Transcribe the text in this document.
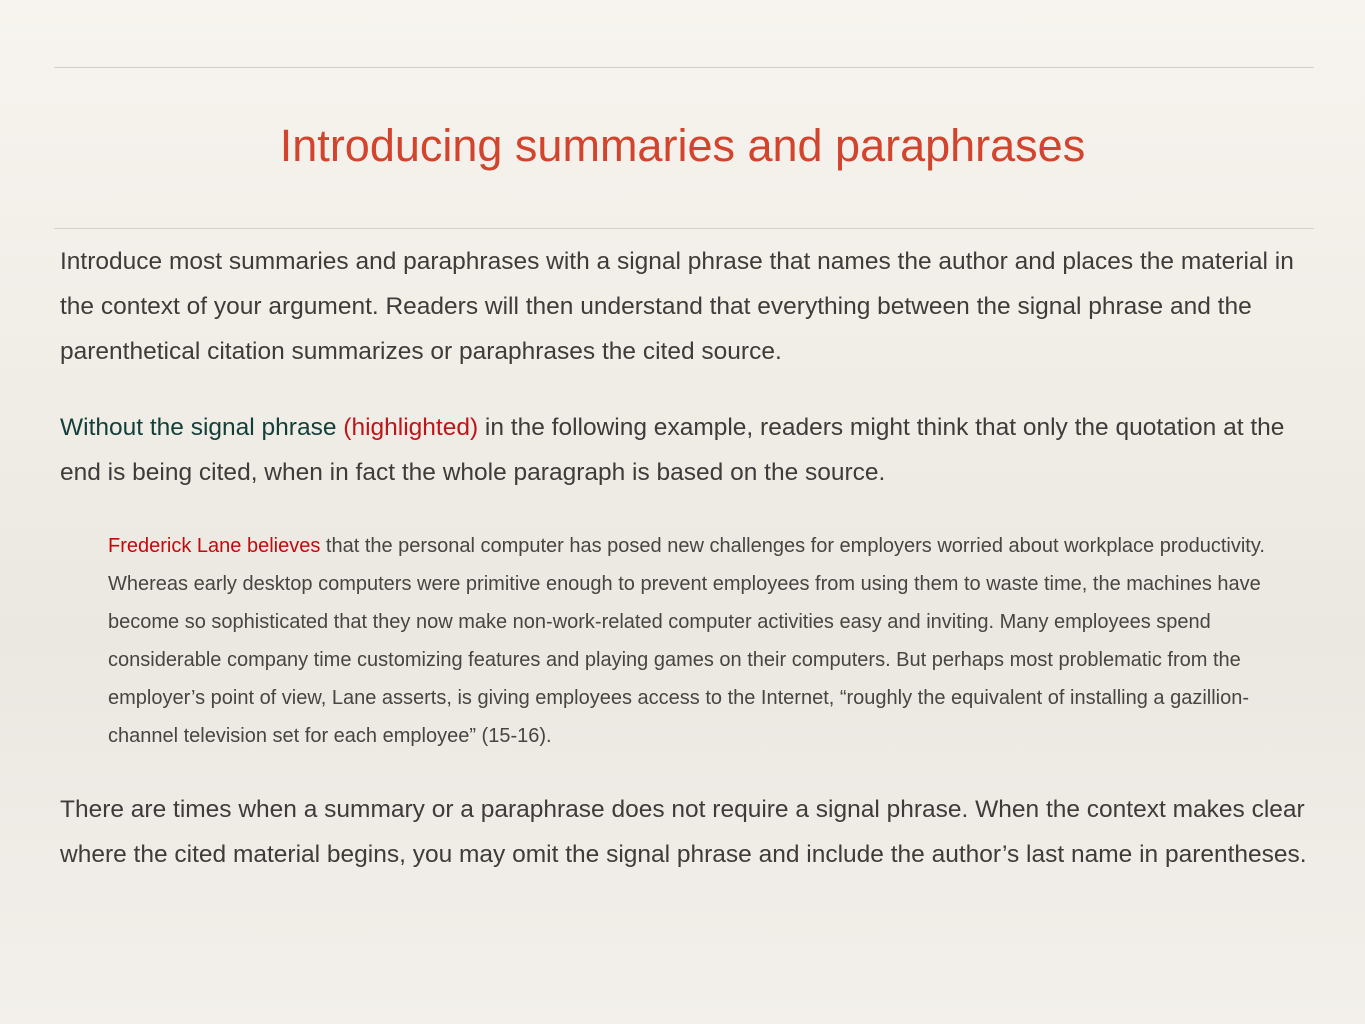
Introducing summaries and paraphrases

Introduce most summaries and paraphrases with a signal phrase that names the author and places the material in the context of your argument. Readers will then understand that everything between the signal phrase and the parenthetical citation summarizes or paraphrases the cited source.

Without the signal phrase (highlighted) in the following example, readers might think that only the quotation at the end is being cited, when in fact the whole paragraph is based on the source.

Frederick Lane believes that the personal computer has posed new challenges for employers worried about workplace productivity. Whereas early desktop computers were primitive enough to prevent employees from using them to waste time, the machines have become so sophisticated that they now make non-work-related computer activities easy and inviting. Many employees spend considerable company time customizing features and playing games on their computers. But perhaps most problematic from the employer’s point of view, Lane asserts, is giving employees access to the Internet, “roughly the equivalent of installing a gazillion-channel television set for each employee” (15-16).

There are times when a summary or a paraphrase does not require a signal phrase. When the context makes clear where the cited material begins, you may omit the signal phrase and include the author’s last name in parentheses.
